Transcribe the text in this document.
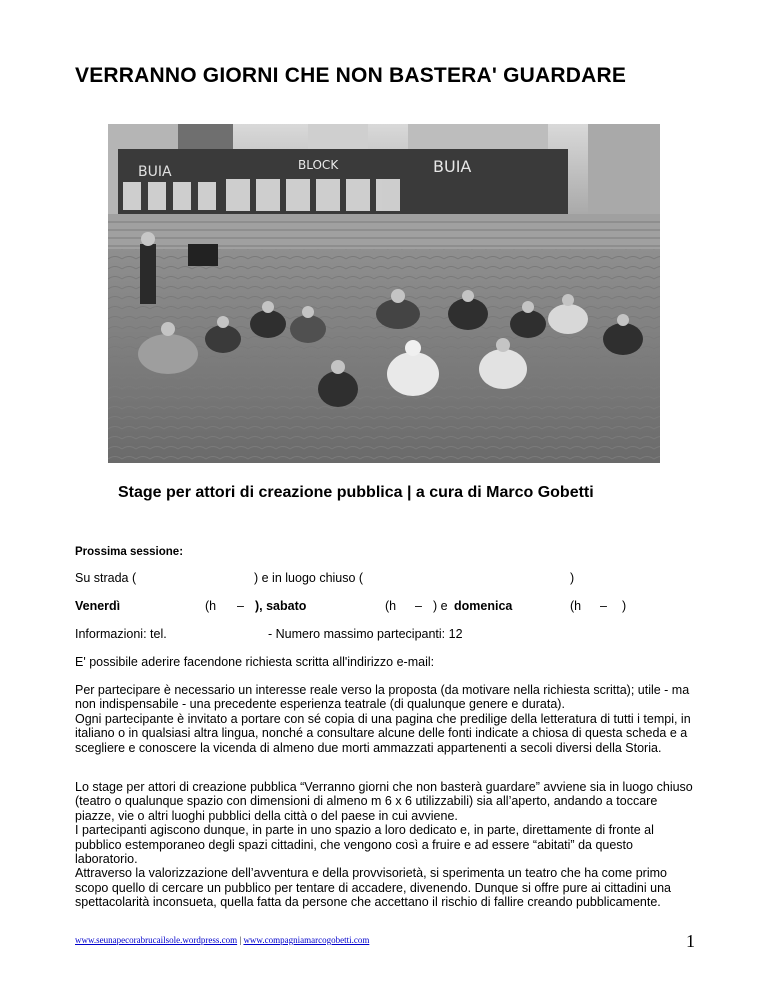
VERRANNO GIORNI CHE NON BASTERA' GUARDARE
BUIA	BLOCK	BUIA
Stage per attori di creazione pubblica | a cura di Marco Gobetti
Prossima sessione:
Su strada (	) e in luogo chiuso (	)
Venerdì	(h – ), sabato	(h – ) e domenica	(h – )
Informazioni: tel.	- Numero massimo partecipanti: 12
E' possibile aderire facendone richiesta scritta all'indirizzo e-mail:

Per partecipare è necessario un interesse reale verso la proposta (da motivare nella richiesta scritta); utile - ma non indispensabile - una precedente esperienza teatrale (di qualunque genere e durata).

Ogni partecipante è invitato a portare con sé copia di una pagina che predilige della letteratura di tutti i tempi, in italiano o in qualsiasi altra lingua, nonché a consultare alcune delle fonti indicate a chiosa di questa scheda e a scegliere e conoscere la vicenda di almeno due morti ammazzati appartenenti a secoli diversi della Storia.

Lo stage per attori di creazione pubblica “Verranno giorni che non basterà guardare” avviene sia in luogo chiuso (teatro o qualunque spazio con dimensioni di almeno m 6 x 6 utilizzabili) sia all’aperto, andando a toccare piazze, vie o altri luoghi pubblici della città o del paese in cui avviene.

I partecipanti agiscono dunque, in parte in uno spazio a loro dedicato e, in parte, direttamente di fronte al pubblico estemporaneo degli spazi cittadini, che vengono così a fruire e ad essere “abitati” da questo laboratorio.

Attraverso la valorizzazione dell’avventura e della provvisorietà, si sperimenta un teatro che ha come primo scopo quello di cercare un pubblico per tentare di accadere, divenendo. Dunque si offre pure ai cittadini una spettacolarità inconsueta, quella fatta da persone che accettano il rischio di fallire creando pubblicamente.

www.seunapecorabrucailsole.wordpress.com | www.compagniamarcogobetti.com	1
